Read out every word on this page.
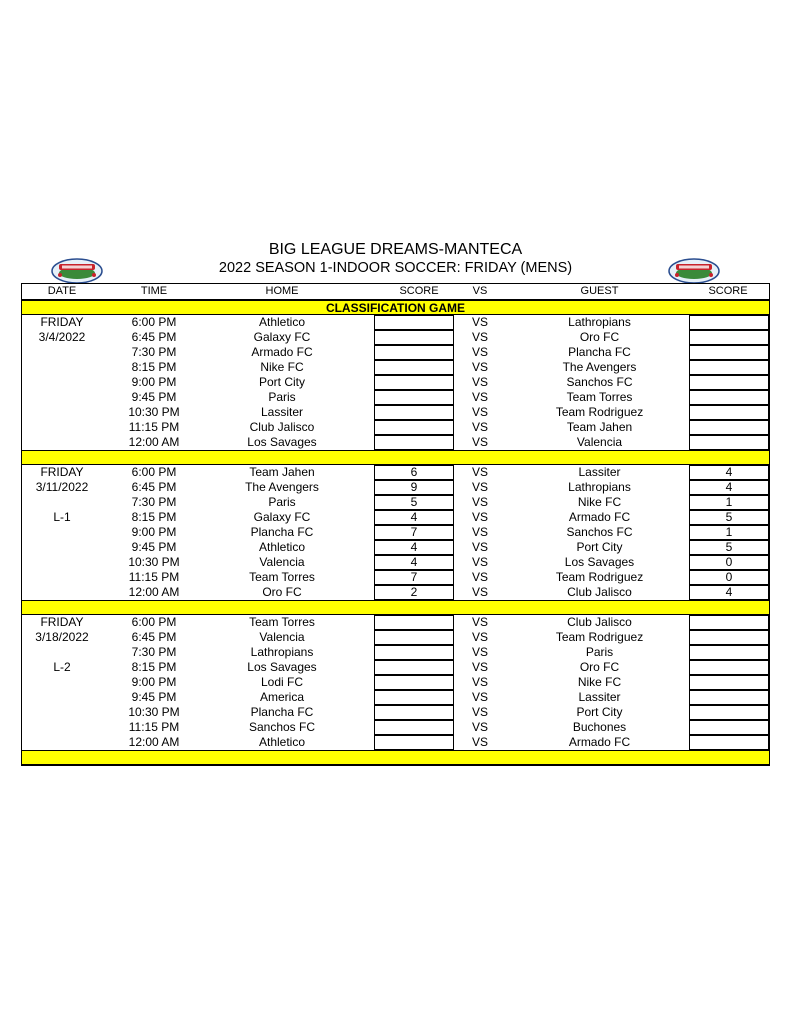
BIG LEAGUE DREAMS-MANTECA
2022 SEASON 1-INDOOR SOCCER: FRIDAY (MENS)
DATE	TIME	HOME	SCORE	VS	GUEST	SCORE
CLASSIFICATION GAME
FRIDAY	6:00 PM	Athletico	VS	Lathropians
3/4/2022	6:45 PM	Galaxy FC	VS	Oro FC
7:30 PM	Armado FC	VS	Plancha FC
8:15 PM	Nike FC	VS	The Avengers
9:00 PM	Port City	VS	Sanchos FC
9:45 PM	Paris	VS	Team Torres
10:30 PM	Lassiter	VS	Team Rodriguez
11:15 PM	Club Jalisco	VS	Team Jahen
12:00 AM	Los Savages	VS	Valencia
FRIDAY	6:00 PM	Team Jahen	6	VS	Lassiter	4
3/11/2022	6:45 PM	The Avengers	9	VS	Lathropians	4
7:30 PM	Paris	5	VS	Nike FC	1
L-1	8:15 PM	Galaxy FC	4	VS	Armado FC	5
9:00 PM	Plancha FC	7	VS	Sanchos FC	1
9:45 PM	Athletico	4	VS	Port City	5
10:30 PM	Valencia	4	VS	Los Savages	0
11:15 PM	Team Torres	7	VS	Team Rodriguez	0
12:00 AM	Oro FC	2	VS	Club Jalisco	4
FRIDAY	6:00 PM	Team Torres	VS	Club Jalisco
3/18/2022	6:45 PM	Valencia	VS	Team Rodriguez
7:30 PM	Lathropians	VS	Paris
L-2	8:15 PM	Los Savages	VS	Oro FC
9:00 PM	Lodi FC	VS	Nike FC
9:45 PM	America	VS	Lassiter
10:30 PM	Plancha FC	VS	Port City
11:15 PM	Sanchos FC	VS	Buchones
12:00 AM	Athletico	VS	Armado FC
